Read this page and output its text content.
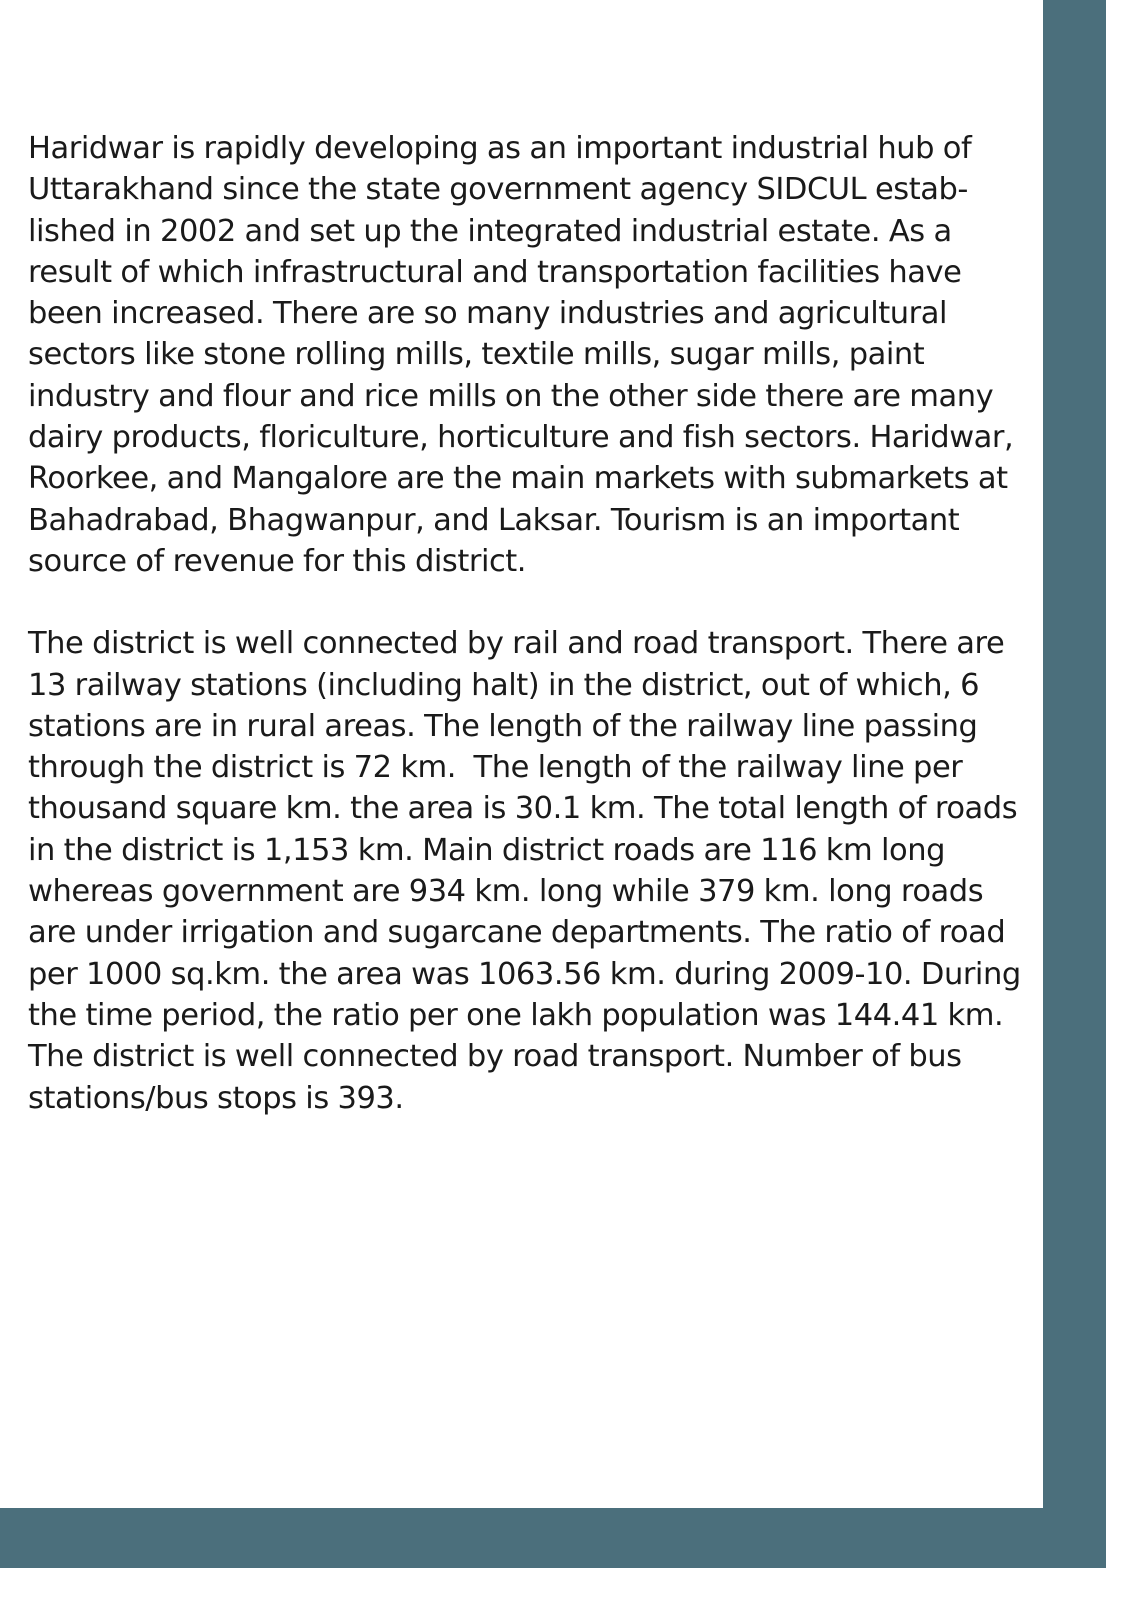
Haridwar is rapidly developing as an important industrial hub of
Uttarakhand since the state government agency SIDCUL estab-
lished in 2002 and set up the integrated industrial estate. As a
result of which infrastructural and transportation facilities have
been increased. There are so many industries and agricultural
sectors like stone rolling mills, textile mills, sugar mills, paint
industry and flour and rice mills on the other side there are many
dairy products, floriculture, horticulture and fish sectors. Haridwar,
Roorkee, and Mangalore are the main markets with submarkets at
Bahadrabad, Bhagwanpur, and Laksar. Tourism is an important
source of revenue for this district.

The district is well connected by rail and road transport. There are
13 railway stations (including halt) in the district, out of which, 6
stations are in rural areas. The length of the railway line passing
through the district is 72 km.  The length of the railway line per
thousand square km. the area is 30.1 km. The total length of roads
in the district is 1,153 km. Main district roads are 116 km long
whereas government are 934 km. long while 379 km. long roads
are under irrigation and sugarcane departments. The ratio of road
per 1000 sq.km. the area was 1063.56 km. during 2009-10. During
the time period, the ratio per one lakh population was 144.41 km.
The district is well connected by road transport. Number of bus
stations/bus stops is 393.
